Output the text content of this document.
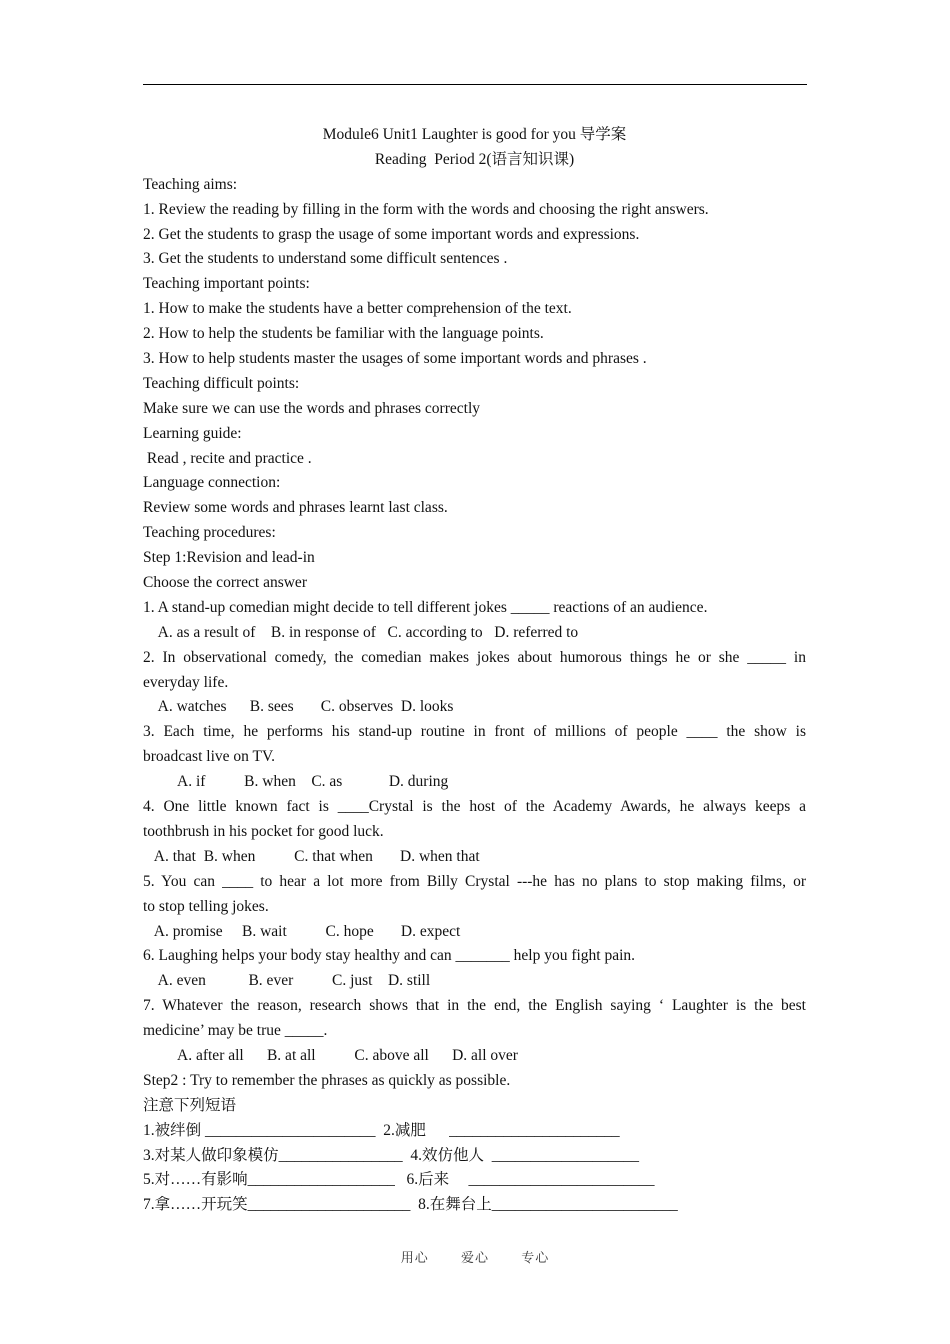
Module6 Unit1 Laughter is good for you 导学案
Reading  Period 2(语言知识课)
Teaching aims:
1. Review the reading by filling in the form with the words and choosing the right answers.
2. Get the students to grasp the usage of some important words and expressions.
3. Get the students to understand some difficult sentences .
Teaching important points:
1. How to make the students have a better comprehension of the text.
2. How to help the students be familiar with the language points.
3. How to help students master the usages of some important words and phrases .
Teaching difficult points:
Make sure we can use the words and phrases correctly
Learning guide:
Read , recite and practice .
Language connection:
Review some words and phrases learnt last class.
Teaching procedures:
Step 1:Revision and lead-in
Choose the correct answer
1. A stand-up comedian might decide to tell different jokes _____ reactions of an audience.
A. as a result of    B. in response of   C. according to   D. referred to
2. In observational comedy, the comedian makes jokes about humorous things he or she _____ in
everyday life.
A. watches      B. sees       C. observes  D. looks
3. Each time, he performs his stand-up routine in front of millions of people ____ the show is
broadcast live on TV.
A. if          B. when    C. as            D. during
4. One little known fact is ____Crystal is the host of the Academy Awards, he always keeps a
toothbrush in his pocket for good luck.
A. that  B. when          C. that when       D. when that
5. You can ____ to hear a lot more from Billy Crystal ---he has no plans to stop making films, or
to stop telling jokes.
A. promise     B. wait          C. hope       D. expect
6. Laughing helps your body stay healthy and can _______ help you fight pain.
A. even           B. ever          C. just    D. still
7. Whatever the reason, research shows that in the end, the English saying ‘ Laughter is the best
medicine’ may be true _____.
A. after all      B. at all          C. above all      D. all over
Step2 : Try to remember the phrases as quickly as possible.
注意下列短语
1.被绊倒 ______________________  2.减肥      ______________________
3.对某人做印象模仿________________  4.效仿他人  ___________________
5.对……有影响___________________   6.后来     ________________________
7.拿……开玩笑_____________________  8.在舞台上________________________
用心 爱心 专心
